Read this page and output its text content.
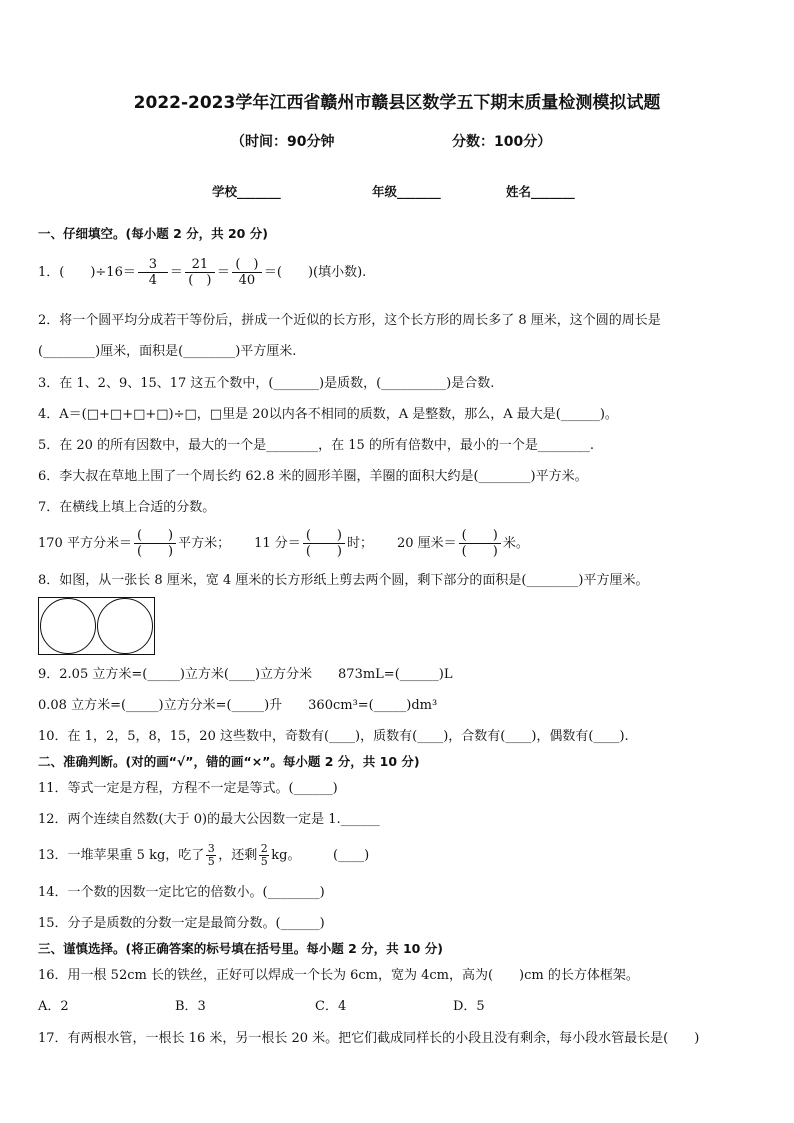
2022-2023学年江西省赣州市赣县区数学五下期末质量检测模拟试题
（时间：90分钟	分数：100分）
学校_______	年级_______	姓名_______
一、仔细填空。(每小题 2 分，共 20 分)
1．(　　)$\div 16= \frac{3}{4} = \frac{21}{( )} = \frac{( )}{40}$ ＝(　　)(填小数).
2．将一个圆平均分成若干等份后，拼成一个近似的长方形，这个长方形的周长多了 8 厘米，这个圆的周长是
(________)厘米，面积是(________)平方厘米.
3．在 1、2、9、15、17 这五个数中，(_______)是质数，(__________)是合数.
4．A＝(□+□+□+□)÷□，□里是 20以内各不相同的质数，A 是整数，那么，A 最大是(______)。
5．在 20 的所有因数中，最大的一个是________，在 15 的所有倍数中，最小的一个是________.
6．李大叔在草地上围了一个周长约 62.8 米的圆形羊圈，羊圈的面积大约是(________)平方米。
7．在横线上填上合适的分数。
170 平方分米＝ $\frac{( )}{( )}$ 平方米； 11 分＝ $\frac{( )}{( )}$ 时； 20 厘米＝ $\frac{( )}{( )}$ 米。
8．如图，从一张长 8 厘米，宽 4 厘米的长方形纸上剪去两个圆，剩下部分的面积是(________)平方厘米。
9．2.05 立方米=(_____)立方米(____)立方分米　　873mL=(______)L
0.08 立方米=(_____)立方分米=(_____)升　　360cm³=(_____)dm³
10．在 1，2，5，8，15，20 这些数中，奇数有(____)，质数有(____)，合数有(____)，偶数有(____).
二、准确判断。(对的画“√”，错的画“×”。每小题 2 分，共 10 分)
11．等式一定是方程，方程不一定是等式。(______)
12．两个连续自然数(大于 0)的最大公因数一定是 1.______
13．一堆苹果重 5 kg，吃了 $\frac{3}{5}$ ，还剩 $\frac{2}{5}$ kg。　　　(____)
14．一个数的因数一定比它的倍数小。(________)
15．分子是质数的分数一定是最简分数。(______)
三、谨慎选择。(将正确答案的标号填在括号里。每小题 2 分，共 10 分)
16．用一根 52cm 长的铁丝，正好可以焊成一个长为 6cm，宽为 4cm，高为(　　)cm 的长方体框架。
A．2	B．3	C．4	D．5
17．有两根水管，一根长 16 米，另一根长 20 米。把它们截成同样长的小段且没有剩余，每小段水管最长是(　　)
